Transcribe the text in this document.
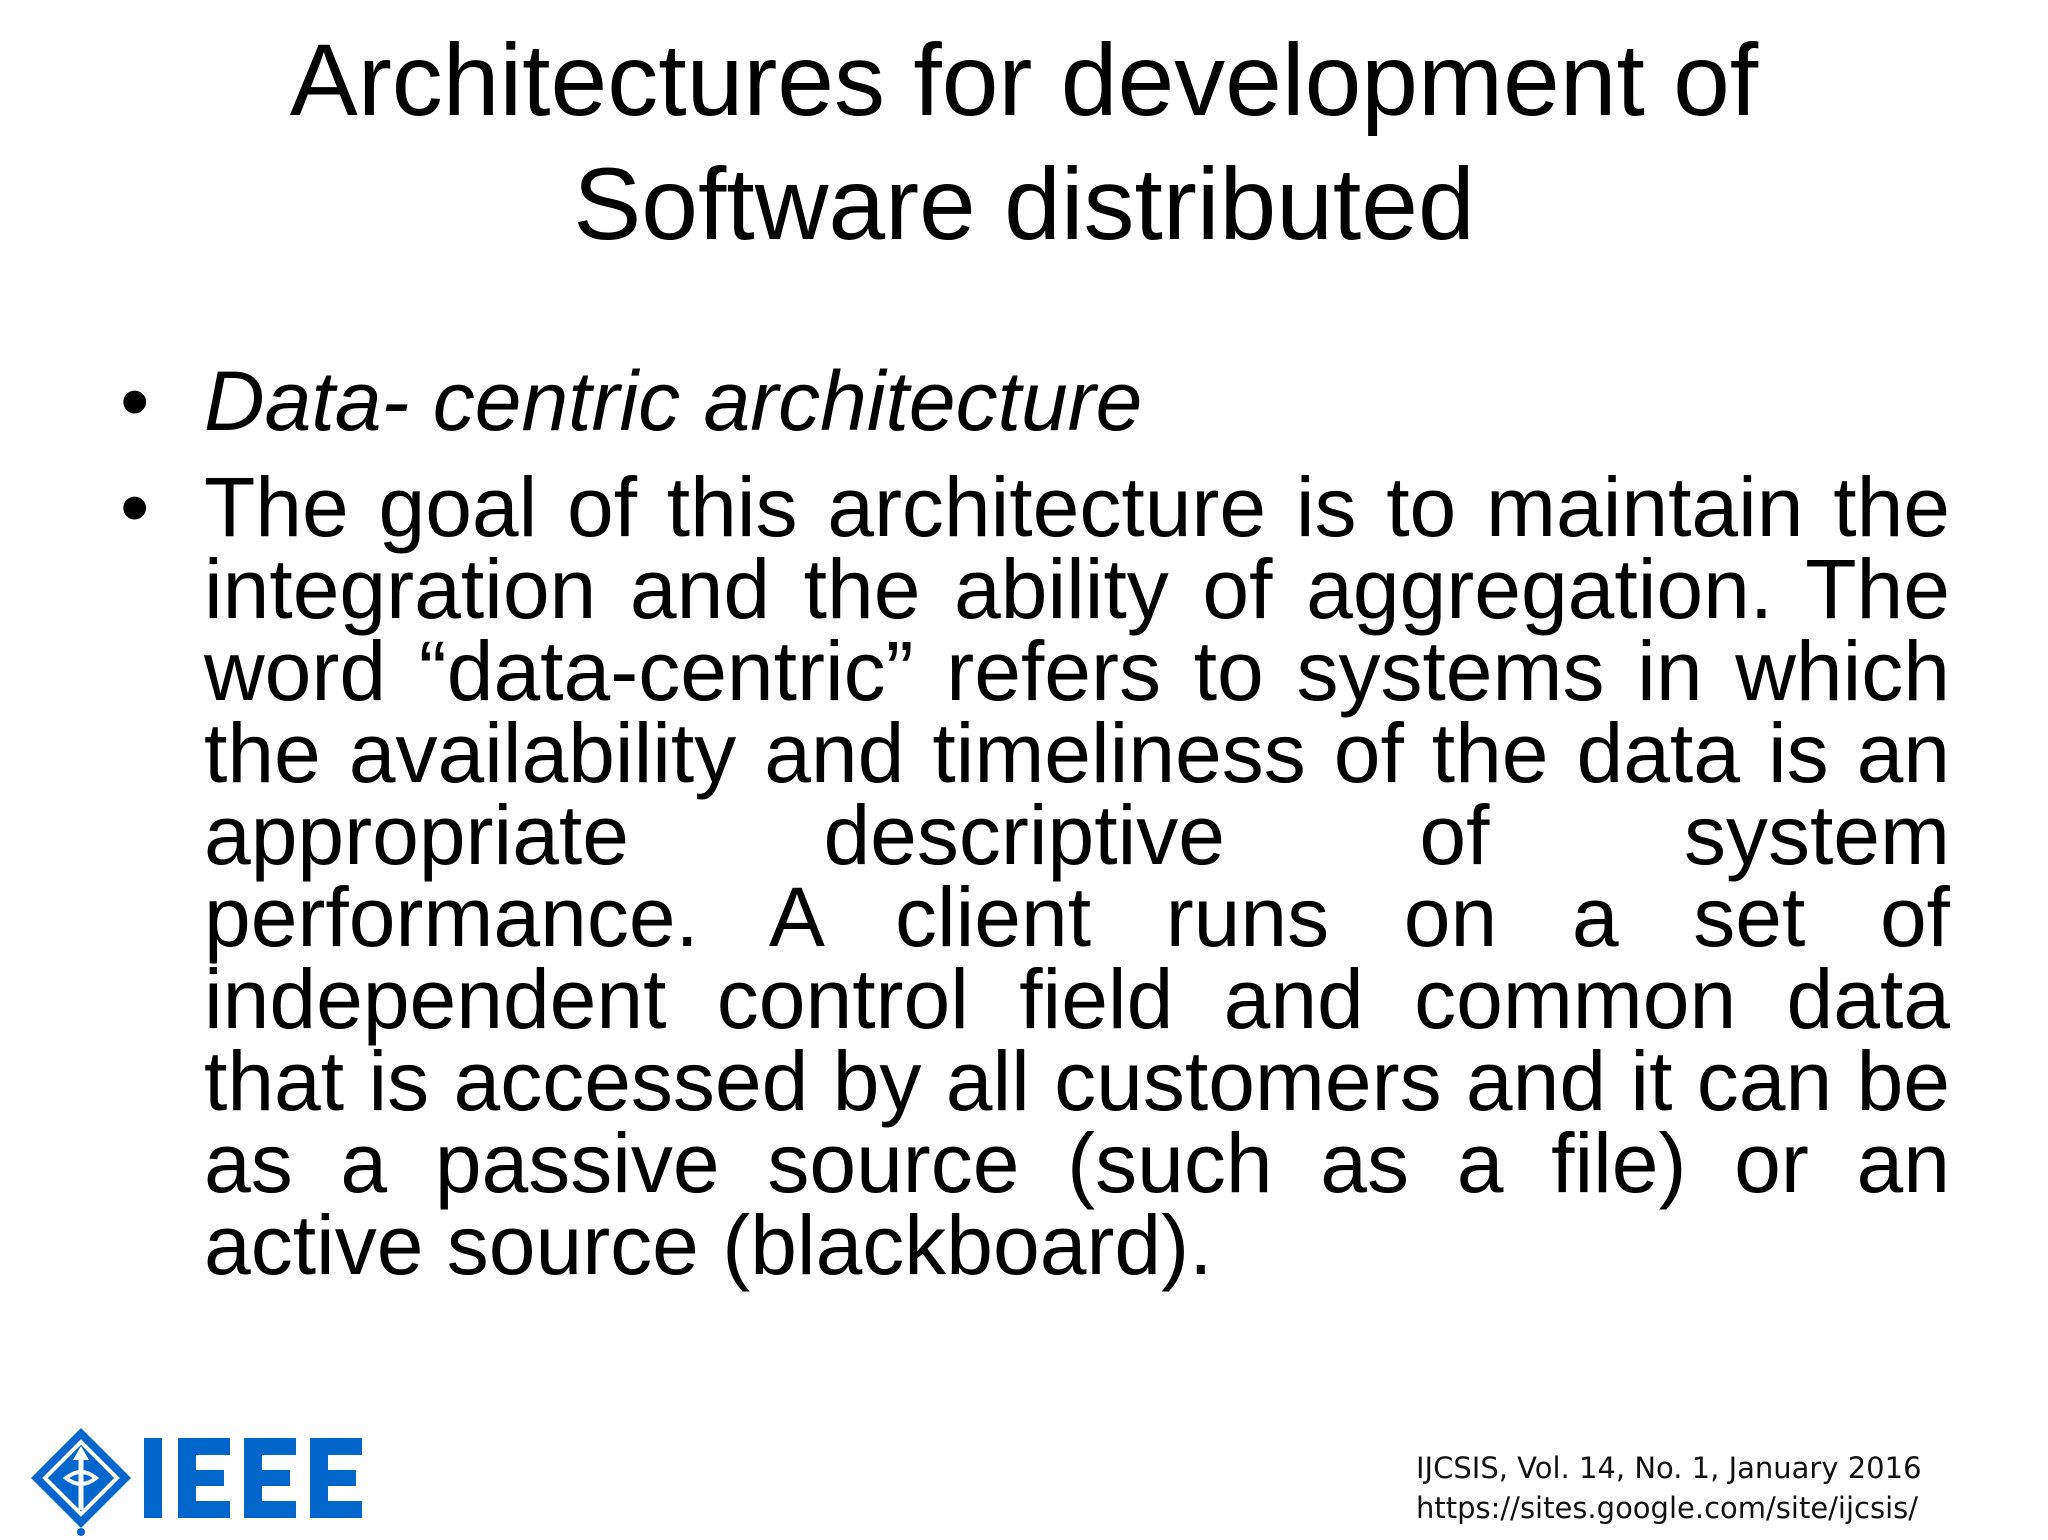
Architectures for development of
Software distributed
• Data- centric architecture
• The goal of this architecture is to maintain the integration and the ability of aggregation. The word “data-centric” refers to systems in which the availability and timeliness of the data is an appropriate descriptive of system performance. A client runs on a set of independent control field and common data that is accessed by all customers and it can be as a passive source (such as a file) or an active source (blackboard).
IJCSIS, Vol. 14, No. 1, January 2016
https://sites.google.com/site/ijcsis/
